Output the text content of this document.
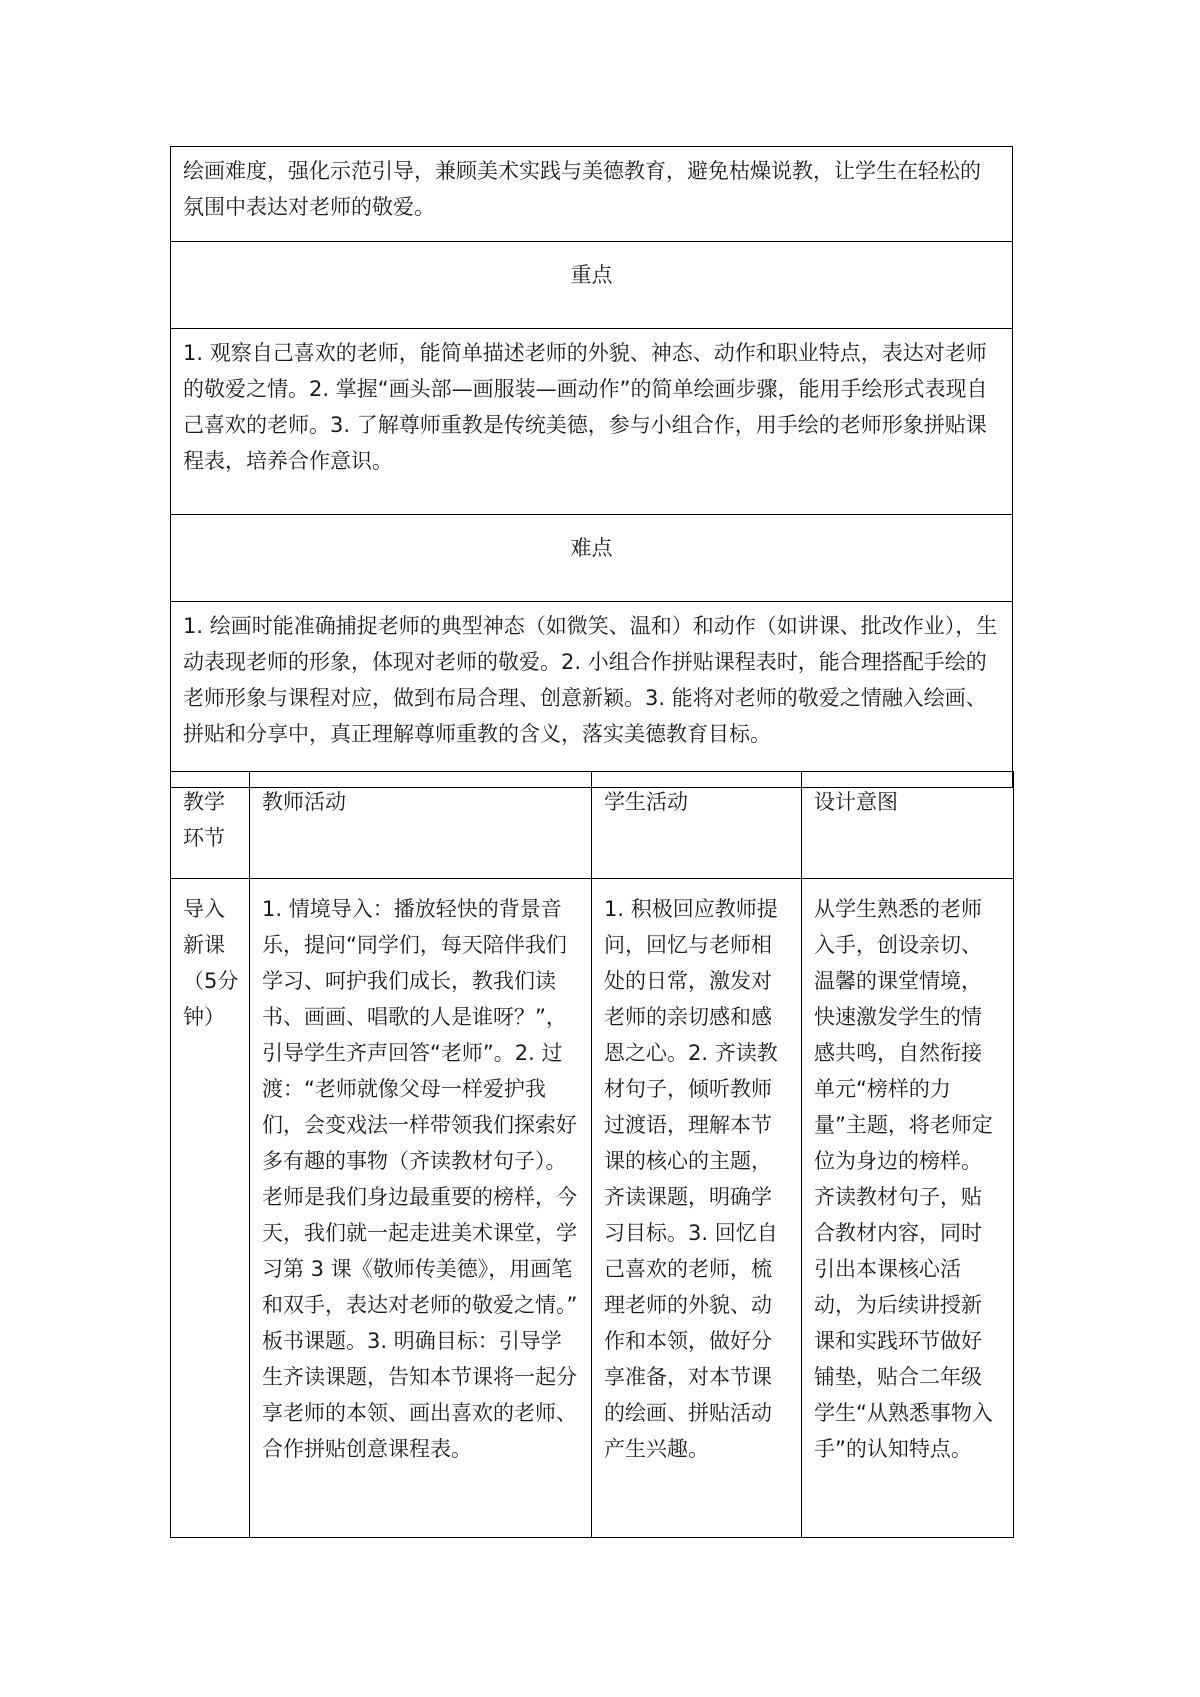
绘画难度，强化示范引导，兼顾美术实践与美德教育，避免枯燥说教，让学生在轻松的氛围中表达对老师的敬爱。

重点

1. 观察自己喜欢的老师，能简单描述老师的外貌、神态、动作和职业特点，表达对老师的敬爱之情。2. 掌握“画头部—画服装—画动作”的简单绘画步骤，能用手绘形式表现自己喜欢的老师。3. 了解尊师重教是传统美德，参与小组合作，用手绘的老师形象拼贴课程表，培养合作意识。

难点

1. 绘画时能准确捕捉老师的典型神态（如微笑、温和）和动作（如讲课、批改作业），生动表现老师的形象，体现对老师的敬爱。2. 小组合作拼贴课程表时，能合理搭配手绘的老师形象与课程对应，做到布局合理、创意新颖。3. 能将对老师的敬爱之情融入绘画、拼贴和分享中，真正理解尊师重教的含义，落实美德教育目标。
教学环节	教师活动	学生活动	设计意图

导入新课（5分钟）	1. 情境导入：播放轻快的背景音乐，提问“同学们，每天陪伴我们学习、呵护我们成长，教我们读书、画画、唱歌的人是谁呀？”，引导学生齐声回答“老师”。2. 过渡：“老师就像父母一样爱护我们，会变戏法一样带领我们探索好多有趣的事物（齐读教材句子）。老师是我们身边最重要的榜样，今天，我们就一起走进美术课堂，学习第 3 课《敬师传美德》，用画笔和双手，表达对老师的敬爱之情。” 板书课题。3. 明确目标：引导学生齐读课题，告知本节课将一起分享老师的本领、画出喜欢的老师、合作拼贴创意课程表。	1. 积极回应教师提问，回忆与老师相处的日常，激发对老师的亲切感和感恩之心。2. 齐读教材句子，倾听教师过渡语，理解本节课的核心的主题，齐读课题，明确学习目标。3. 回忆自己喜欢的老师，梳理老师的外貌、动作和本领，做好分享准备，对本节课的绘画、拼贴活动产生兴趣。	从学生熟悉的老师入手，创设亲切、温馨的课堂情境，快速激发学生的情感共鸣，自然衔接单元“榜样的力量”主题，将老师定位为身边的榜样。齐读教材句子，贴合教材内容，同时引出本课核心活动，为后续讲授新课和实践环节做好铺垫，贴合二年级学生“从熟悉事物入手”的认知特点。
